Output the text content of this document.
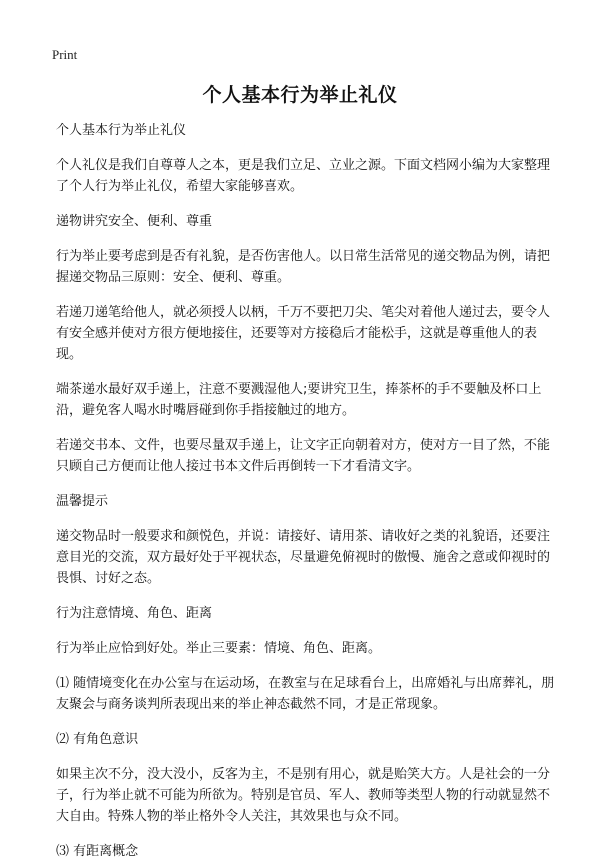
Print
个人基本行为举止礼仪

个人基本行为举止礼仪

个人礼仪是我们自尊尊人之本，更是我们立足、立业之源。下面文档网小编为大家整理了个人行为举止礼仪，希望大家能够喜欢。

递物讲究安全、便利、尊重

行为举止要考虑到是否有礼貌，是否伤害他人。以日常生活常见的递交物品为例，请把握递交物品三原则：安全、便利、尊重。

若递刀递笔给他人，就必须授人以柄，千万不要把刀尖、笔尖对着他人递过去，要令人有安全感并使对方很方便地接住，还要等对方接稳后才能松手，这就是尊重他人的表现。

端茶递水最好双手递上，注意不要溅湿他人;要讲究卫生，捧茶杯的手不要触及杯口上沿，避免客人喝水时嘴唇碰到你手指接触过的地方。

若递交书本、文件，也要尽量双手递上，让文字正向朝着对方，使对方一目了然，不能只顾自己方便而让他人接过书本文件后再倒转一下才看清文字。

温馨提示

递交物品时一般要求和颜悦色，并说：请接好、请用茶、请收好之类的礼貌语，还要注意目光的交流，双方最好处于平视状态，尽量避免俯视时的傲慢、施舍之意或仰视时的畏惧、讨好之态。

行为注意情境、角色、距离

行为举止应恰到好处。举止三要素：情境、角色、距离。

⑴ 随情境变化在办公室与在运动场，在教室与在足球看台上，出席婚礼与出席葬礼，朋友聚会与商务谈判所表现出来的举止神态截然不同，才是正常现象。

⑵ 有角色意识

如果主次不分，没大没小，反客为主，不是别有用心，就是贻笑大方。人是社会的一分子，行为举止就不可能为所欲为。特别是官员、军人、教师等类型人物的行动就显然不大自由。特殊人物的举止格外令人关注，其效果也与众不同。

⑶ 有距离概念
